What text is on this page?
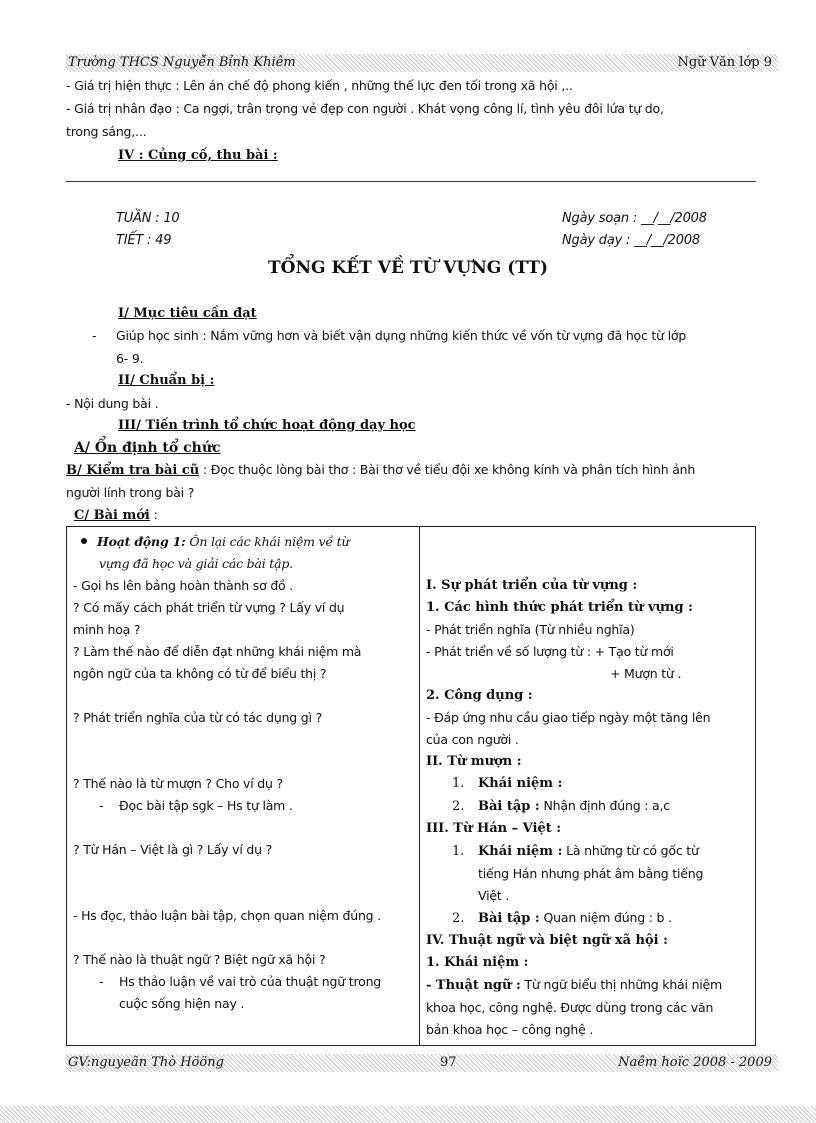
Trường THCS Nguyễn Bỉnh Khiêm	Ngữ Văn lớp 9
- Giá trị hiện thực : Lên án chế độ phong kiến , những thế lực đen tối trong xã hội ,..
- Giá trị nhân đạo : Ca ngợi, trân trọng vẻ đẹp con người . Khát vọng công lí, tình yêu đôi lứa tự do,
trong sáng,...
IV : Củng cố, thu bài :
TUẦN : 10
TIẾT : 49
Ngày soạn : __/__/2008
Ngày dạy : __/__/2008
TỔNG KẾT VỀ TỪ VỰNG (TT)
I/ Mục tiêu cần đạt
- Giúp học sinh : Nắm vững hơn và biết vận dụng những kiến thức về vốn từ vựng đã học từ lớp
6- 9.
II/ Chuẩn bị :
- Nội dung bài .
III/ Tiến trình tổ chức hoạt động dạy học
A/ Ổn định tổ chức
B/ Kiểm tra bài cũ : Đọc thuộc lòng bài thơ : Bài thơ về tiểu đội xe không kính và phân tích hình ảnh
người lính trong bài ?
C/ Bài mới :
Hoạt động 1: Ôn lại các khái niệm về từ
vựng đã học và giải các bài tập.
- Gọi hs lên bảng hoàn thành sơ đồ .
? Có mấy cách phát triển từ vựng ? Lấy ví dụ
minh hoạ ?
? Làm thế nào để diễn đạt những khái niệm mà
ngôn ngữ của ta không có từ để biểu thị ?
? Phát triển nghĩa của từ có tác dụng gì ?
? Thế nào là từ mượn ? Cho ví dụ ?
- Đọc bài tập sgk – Hs tự làm .
? Từ Hán – Việt là gì ? Lấy ví dụ ?
- Hs đọc, thảo luận bài tập, chọn quan niệm đúng .
? Thế nào là thuật ngữ ? Biệt ngữ xã hội ?
- Hs thảo luận về vai trò của thuật ngữ trong
cuộc sống hiện nay .

I. Sự phát triển của từ vựng :
1. Các hình thức phát triển từ vựng :
- Phát triển nghĩa (Từ nhiều nghĩa)
- Phát triển về số lượng từ : + Tạo từ mới
+ Mượn từ .
2. Công dụng :
- Đáp ứng nhu cầu giao tiếp ngày một tăng lên
của con người .
II. Từ mượn :
1. Khái niệm :
2. Bài tập : Nhận định đúng : a,c
III. Từ Hán – Việt :
1. Khái niệm : Là những từ có gốc từ
tiếng Hán nhưng phát âm bằng tiếng
Việt .
2. Bài tập : Quan niệm đúng : b .
IV. Thuật ngữ và biệt ngữ xã hội :
1. Khái niệm :
- Thuật ngữ : Từ ngữ biểu thị những khái niệm
khoa học, công nghệ. Được dùng trong các văn
bản khoa học – công nghệ .
GV:nguyeãn Thò Hööng	97	Naêm hoïc 2008 - 2009
